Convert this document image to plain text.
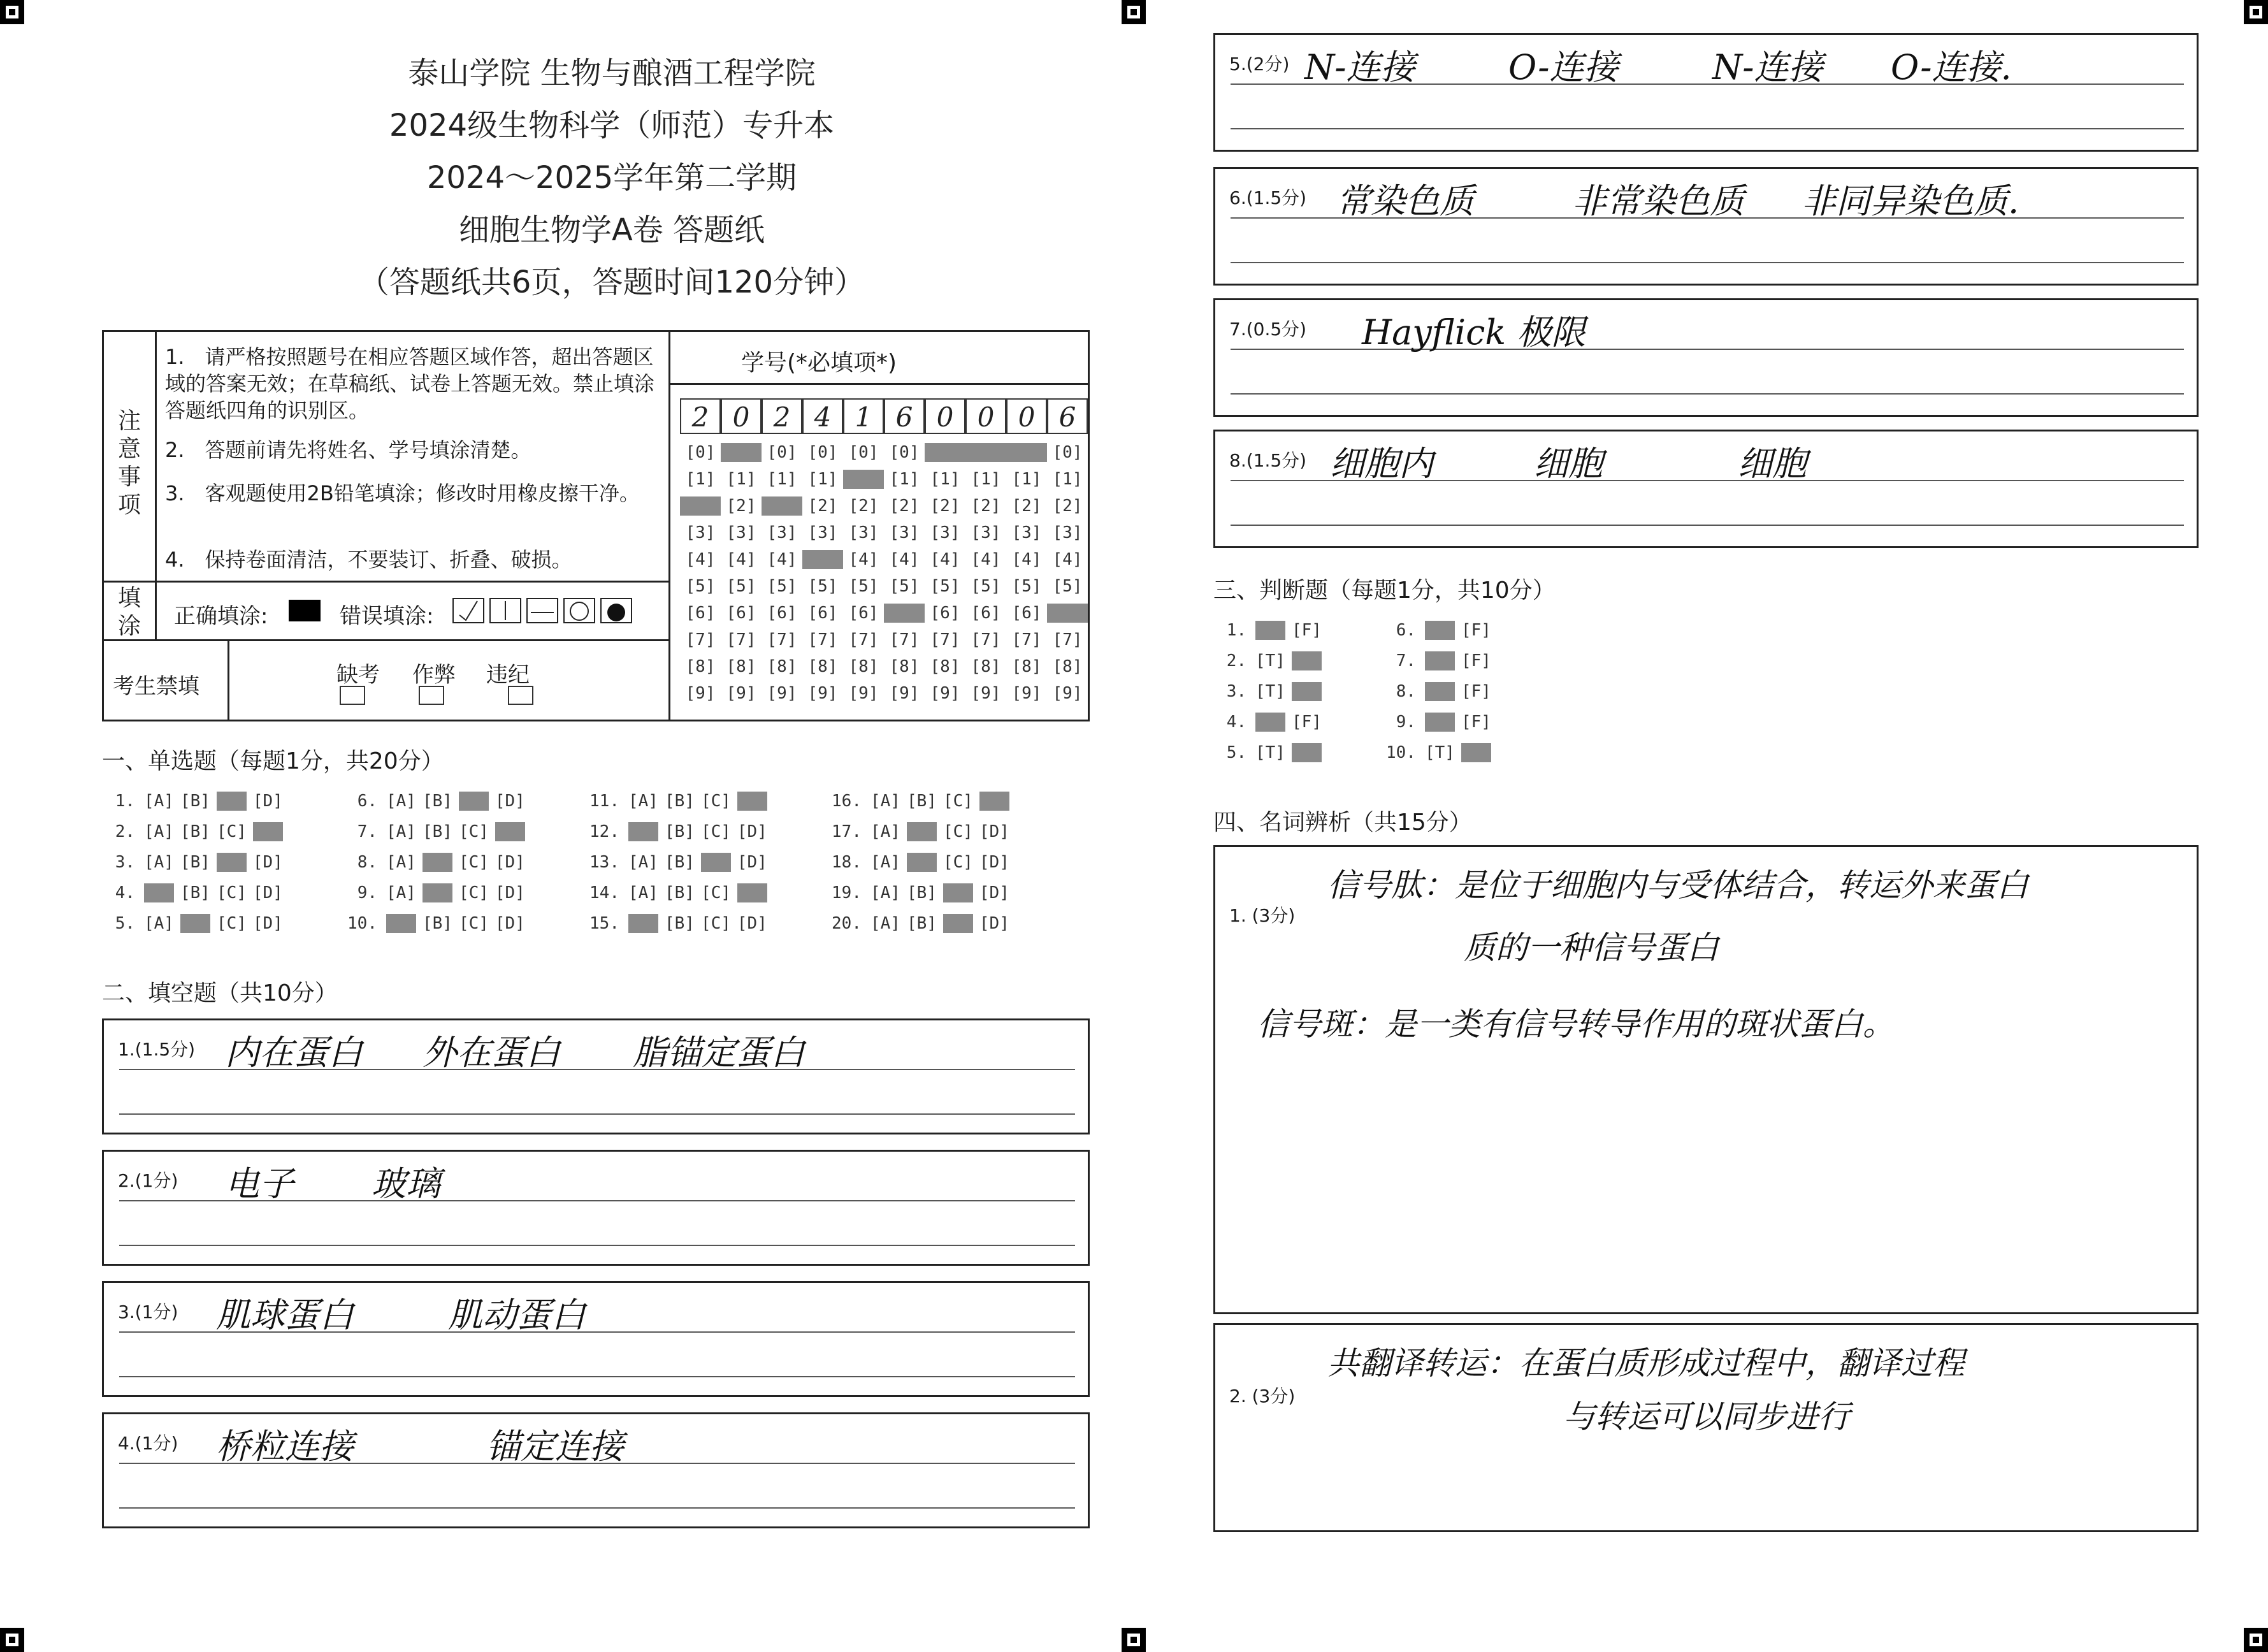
泰山学院 生物与酿酒工程学院
2024级生物科学（师范）专升本
2024～2025学年第二学期
细胞生物学A卷 答题纸
（答题纸共6页，答题时间120分钟）
注
意
事
项
1.　请严格按照题号在相应答题区域作答，超出答题区域的答案无效；在草稿纸、试卷上答题无效。禁止填涂答题纸四角的识别区。
2.　答题前请先将姓名、学号填涂清楚。
3.　客观题使用2B铅笔填涂；修改时用橡皮擦干净。
4.　保持卷面清洁，不要装订、折叠、破损。
填
涂 正确填涂:	错误填涂:
考生禁填	缺考 作弊 违纪
学号(*必填项*)
2 0 2 4 1 6 0 0 0 6
[0] [0] [0] [0] [0] [0] [0] [0] [0] [0]
[1] [1] [1] [1] [1] [1] [1] [1] [1] [1]
[2] [2] [2] [2] [2] [2] [2] [2] [2] [2]
[3] [3] [3] [3] [3] [3] [3] [3] [3] [3]
[4] [4] [4] [4] [4] [4] [4] [4] [4] [4]
[5] [5] [5] [5] [5] [5] [5] [5] [5] [5]
[6] [6] [6] [6] [6] [6] [6] [6] [6] [6]
[7] [7] [7] [7] [7] [7] [7] [7] [7] [7]
[8] [8] [8] [8] [8] [8] [8] [8] [8] [8]
[9] [9] [9] [9] [9] [9] [9] [9] [9] [9]
一、单选题（每题1分，共20分）
1. [A] [B] [C] [D]
2. [A] [B] [C] [D]
3. [A] [B] [C] [D]
4. [A] [B] [C] [D]
5. [A] [B] [C] [D]
6. [A] [B] [C] [D]
7. [A] [B] [C] [D]
8. [A] [B] [C] [D]
9. [A] [B] [C] [D]
10. [A] [B] [C] [D]
11. [A] [B] [C] [D]
12. [A] [B] [C] [D]
13. [A] [B] [C] [D]
14. [A] [B] [C] [D]
15. [A] [B] [C] [D]
16. [A] [B] [C] [D]
17. [A] [B] [C] [D]
18. [A] [B] [C] [D]
19. [A] [B] [C] [D]
20. [A] [B] [C] [D]
二、填空题（共10分）
1.(1.5分) 内在蛋白 外在蛋白 脂锚定蛋白
2.(1分) 电子 玻璃
3.(1分) 肌球蛋白	肌动蛋白
4.(1分) 桥粒连接	锚定连接
5.(2分) N-连接	O-连接	N-连接 O-连接.
6.(1.5分) 常染色质	非常染色质 非同异染色质.
7.(0.5分) Hayflick 极限
8.(1.5分) 细胞内	细胞	细胞
三、判断题（每题1分，共10分）
1. [T] [F]
2. [T] [F]
3. [T] [F]
4. [T] [F]
5. [T] [F]
6. [T] [F]
7. [T] [F]
8. [T] [F]
9. [T] [F]
10. [T] [F]
四、名词辨析（共15分）
1. (3分)
信号肽：是位于细胞内与受体结合，转运外来蛋白
质的一种信号蛋白
信号斑：是一类有信号转导作用的斑状蛋白。
2. (3分)
共翻译转运：在蛋白质形成过程中，翻译过程
与转运可以同步进行
